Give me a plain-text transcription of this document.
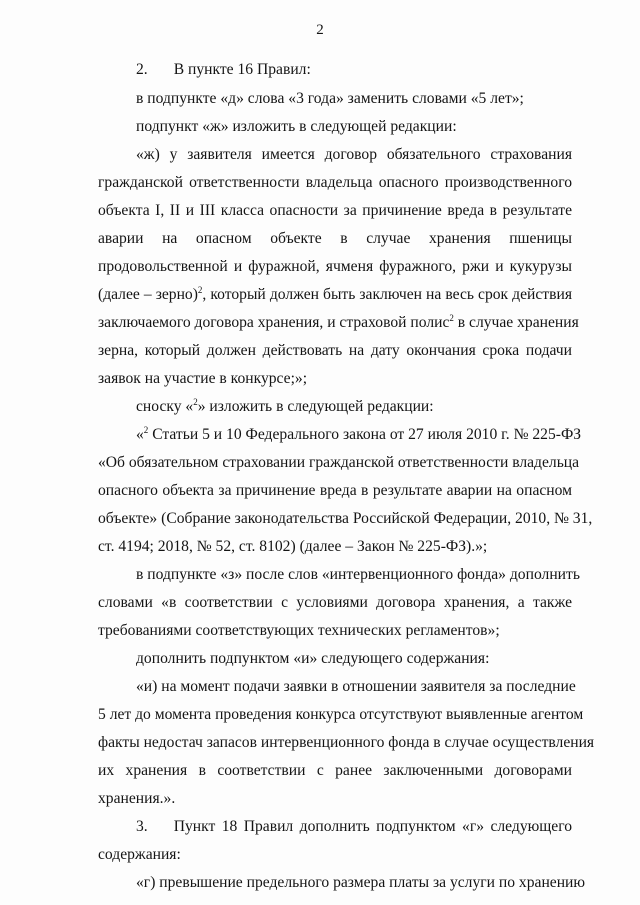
2
2. В пункте 16 Правил:
в подпункте «д» слова «3 года» заменить словами «5 лет»;
подпункт «ж» изложить в следующей редакции:
«ж) у заявителя имеется договор обязательного страхования
гражданской ответственности владельца опасного производственного
объекта I, II и III класса опасности за причинение вреда в результате
аварии на опасном объекте в случае хранения пшеницы
продовольственной и фуражной, ячменя фуражного, ржи и кукурузы
(далее – зерно)$^2$, который должен быть заключен на весь срок действия
заключаемого договора хранения, и страховой полис$^2$ в случае хранения
зерна, который должен действовать на дату окончания срока подачи
заявок на участие в конкурсе;»;
сноску «$^2$» изложить в следующей редакции:
«$^2$ Статьи 5 и 10 Федерального закона от 27 июля 2010 г. № 225-ФЗ
«Об обязательном страховании гражданской ответственности владельца
опасного объекта за причинение вреда в результате аварии на опасном
объекте» (Собрание законодательства Российской Федерации, 2010, № 31,
ст. 4194; 2018, № 52, ст. 8102) (далее – Закон № 225-ФЗ).»;
в подпункте «з» после слов «интервенционного фонда» дополнить
словами «в соответствии с условиями договора хранения, а также
требованиями соответствующих технических регламентов»;
дополнить подпунктом «и» следующего содержания:
«и) на момент подачи заявки в отношении заявителя за последние
5 лет до момента проведения конкурса отсутствуют выявленные агентом
факты недостач запасов интервенционного фонда в случае осуществления
их хранения в соответствии с ранее заключенными договорами
хранения.».
3. Пункт 18 Правил дополнить подпунктом «г» следующего
содержания:
«г) превышение предельного размера платы за услуги по хранению
